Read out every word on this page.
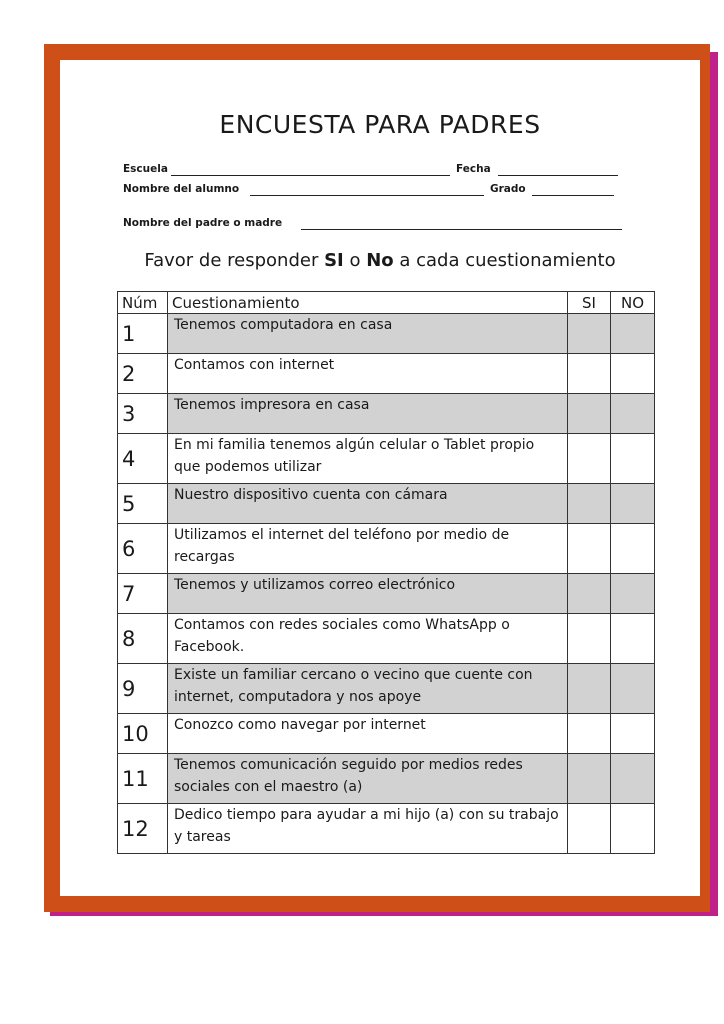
ENCUESTA PARA PADRES
Escuela	Fecha
Nombre del alumno	Grado
Nombre del padre o madre
Favor de responder SI o No a cada cuestionamiento
Núm	Cuestionamiento	SI	NO
1	Tenemos computadora en casa		
2	Contamos con internet		
3	Tenemos impresora en casa		
4	En mi familia tenemos algún celular o Tablet propio que podemos utilizar		
5	Nuestro dispositivo cuenta con cámara		
6	Utilizamos el internet del teléfono por medio de recargas		
7	Tenemos y utilizamos correo electrónico		
8	Contamos con redes sociales como WhatsApp o Facebook.		
9	Existe un familiar cercano o vecino que cuente con internet, computadora y nos apoye		
10	Conozco como navegar por internet		
11	Tenemos comunicación seguido por medios redes sociales con el maestro (a)		
12	Dedico tiempo para ayudar a mi hijo (a) con su trabajo y tareas		
